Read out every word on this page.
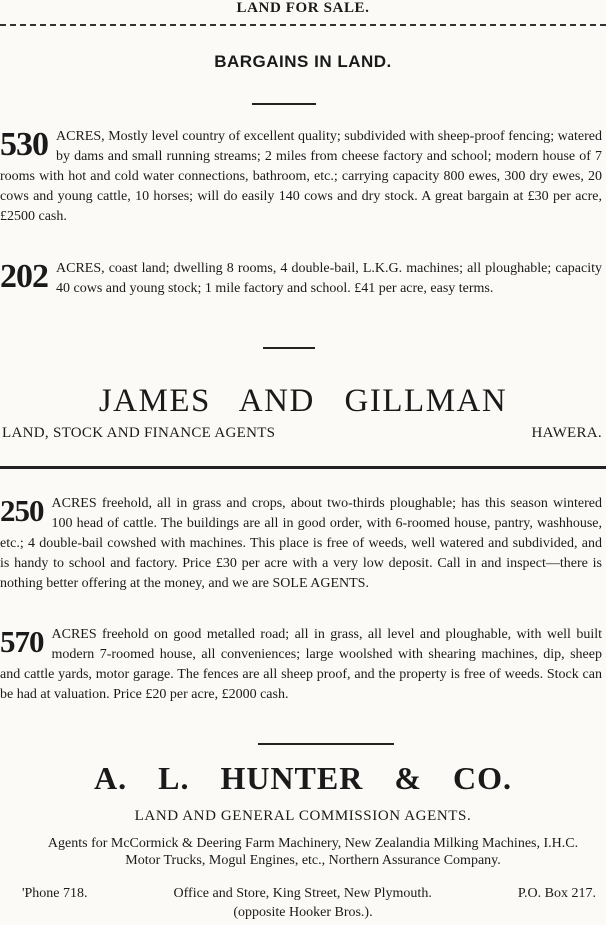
LAND FOR SALE.
BARGAINS IN LAND.
530 ACRES, Mostly level country of excellent quality; subdivided with sheep-proof fencing; watered by dams and small running streams; 2 miles from cheese factory and school; modern house of 7 rooms with hot and cold water connections, bathroom, etc.; carrying capacity 800 ewes, 300 dry ewes, 20 cows and young cattle, 10 horses; will do easily 140 cows and dry stock. A great bargain at £30 per acre, £2500 cash.
202 ACRES, coast land; dwelling 8 rooms, 4 double-bail, L.K.G. machines; all ploughable; capacity 40 cows and young stock; 1 mile factory and school. £41 per acre, easy terms.
JAMES AND GILLMAN
LAND, STOCK AND FINANCE AGENTS	HAWERA.
250 ACRES freehold, all in grass and crops, about two-thirds ploughable; has this season wintered 100 head of cattle. The buildings are all in good order, with 6-roomed house, pantry, washhouse, etc.; 4 double-bail cowshed with machines. This place is free of weeds, well watered and subdivided, and is handy to school and factory. Price £30 per acre with a very low deposit. Call in and inspect—there is nothing better offering at the money, and we are SOLE AGENTS.
570 ACRES freehold on good metalled road; all in grass, all level and ploughable, with well built modern 7-roomed house, all conveniences; large woolshed with shearing machines, dip, sheep and cattle yards, motor garage. The fences are all sheep proof, and the property is free of weeds. Stock can be had at valuation. Price £20 per acre, £2000 cash.
A. L. HUNTER & CO.
LAND AND GENERAL COMMISSION AGENTS.
Agents for McCormick & Deering Farm Machinery, New Zealandia Milking Machines, I.H.C. Motor Trucks, Mogul Engines, etc., Northern Assurance Company.
'Phone 718.	Office and Store, King Street, New Plymouth.	P.O. Box 217.
(opposite Hooker Bros.).
